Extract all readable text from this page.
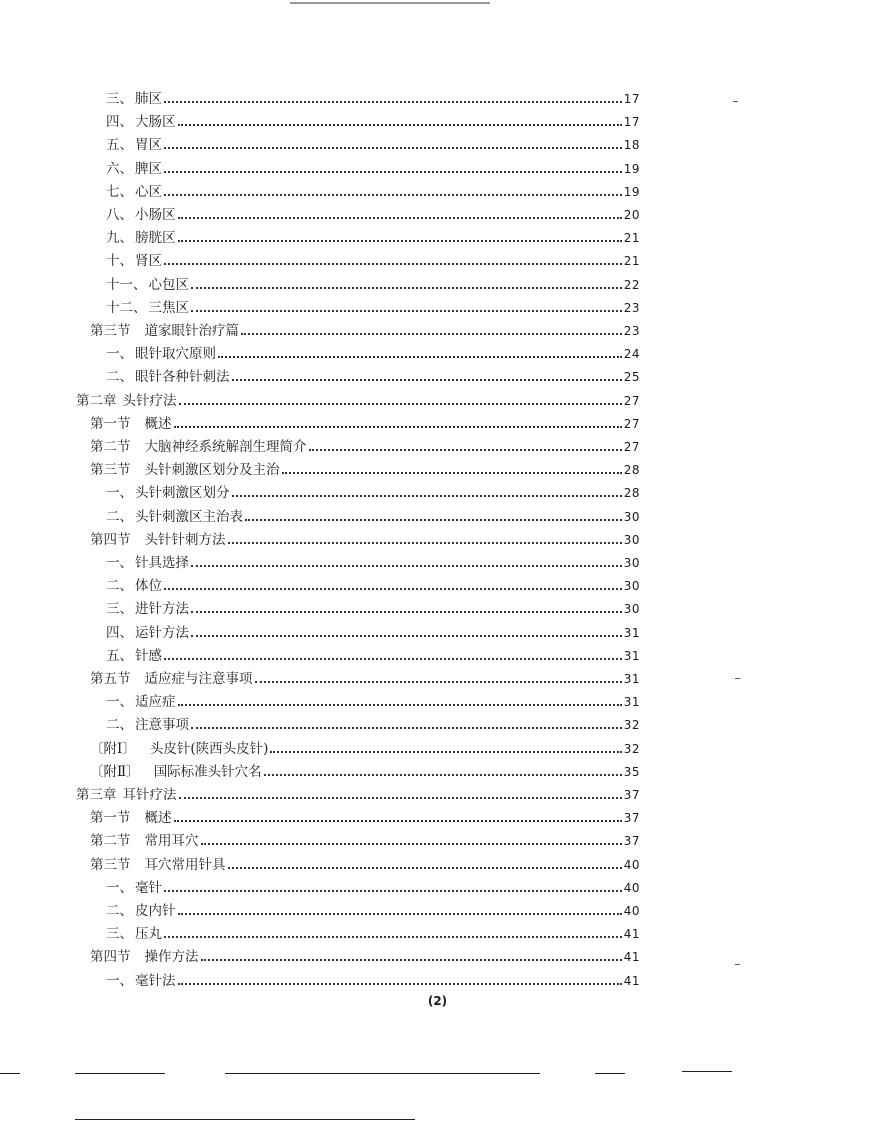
三、 肺区	17
四、 大肠区	17
五、 胃区	18
六、 脾区	19
七、 心区	19
八、 小肠区	20
九、 膀胱区	21
十、 肾区	21
十一、 心包区	22
十二、 三焦区	23
第三节	道家眼针治疗篇	23
一、 眼针取穴原则	24
二、 眼针各种针刺法	25
第二章 头针疗法	27
第一节	概述	27
第二节	大脑神经系统解剖生理简介	27
第三节	头针刺激区划分及主治	28
一、 头针刺激区划分	28
二、 头针刺激区主治表	30
第四节	头针针刺方法	30
一、 针具选择	30
二、 体位	30
三、 进针方法	30
四、 运针方法	31
五、 针感	31
第五节	适应症与注意事项	31
一、 适应症	31
二、 注意事项	32
〔附Ⅰ〕	头皮针(陕西头皮针)	32
〔附Ⅱ〕	国际标准头针穴名	35
第三章 耳针疗法	37
第一节	概述	37
第二节	常用耳穴	37
第三节	耳穴常用针具	40
一、 毫针	40
二、 皮内针	40
三、 压丸	41
第四节	操作方法	41
一、 毫针法	41
(2)
